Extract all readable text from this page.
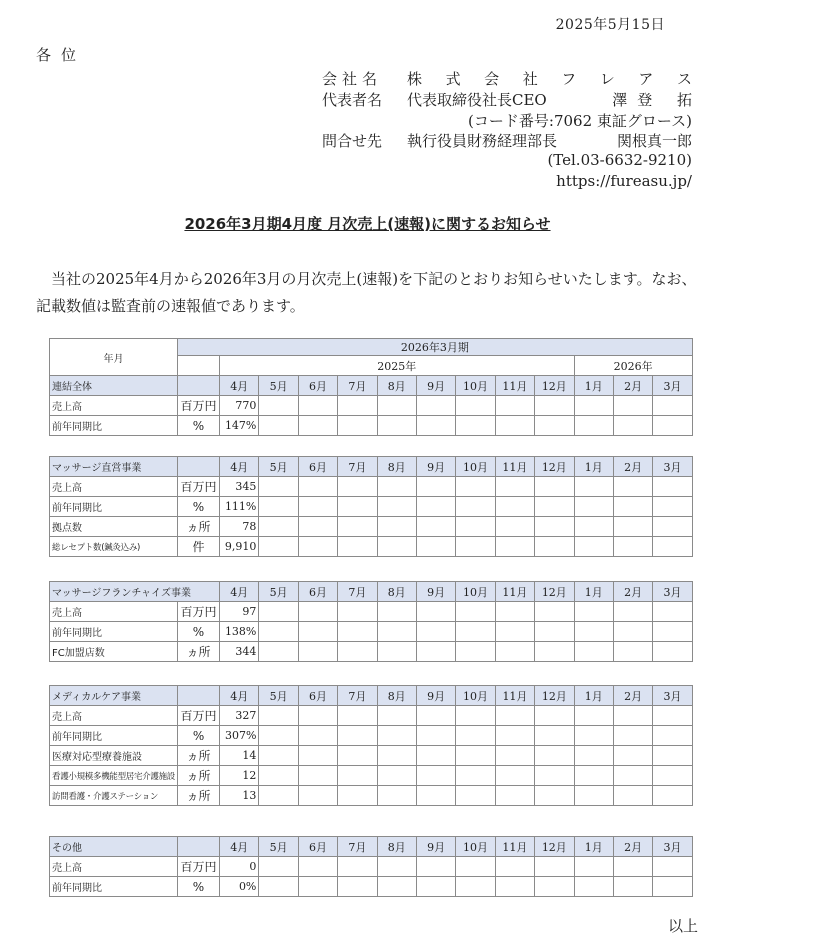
2025年5月15日
各位
会社名 株 式 会 社 フ レ ア ス
代表者名 代表取締役社長CEO	澤登 拓
(コード番号:7062 東証グロース)
問合せ先 執行役員財務経理部長	関根真一郎
(Tel.03-6632-9210)
https://fureasu.jp/
2026年3月期4月度 月次売上(速報)に関するお知らせ
当社の2025年4月から2026年3月の月次売上(速報)を下記のとおりお知らせいたします。なお、記載数値は監査前の速報値であります。
年月	2026年3月期												
		2025年									2026年		
連結全体		4月	5月	6月	7月	8月	9月	10月	11月	12月	1月	2月	3月
売上高	百万円	770											
前年同期比	%	147%											
マッサージ直営事業		4月	5月	6月	7月	8月	9月	10月	11月	12月	1月	2月	3月
売上高	百万円	345											
前年同期比	%	111%											
拠点数	ヵ所	78											
総レセプト数(鍼灸込み)	件	9,910											
マッサージフランチャイズ事業		4月	5月	6月	7月	8月	9月	10月	11月	12月	1月	2月	3月
売上高	百万円	97											
前年同期比	%	138%											
FC加盟店数	ヵ所	344											
メディカルケア事業		4月	5月	6月	7月	8月	9月	10月	11月	12月	1月	2月	3月
売上高	百万円	327											
前年同期比	%	307%											
医療対応型療養施設	ヵ所	14											
看護小規模多機能型居宅介護施設	ヵ所	12											
訪問看護・介護ステーション	ヵ所	13											
その他		4月	5月	6月	7月	8月	9月	10月	11月	12月	1月	2月	3月
売上高	百万円	0											
前年同期比	%	0%											
以上
